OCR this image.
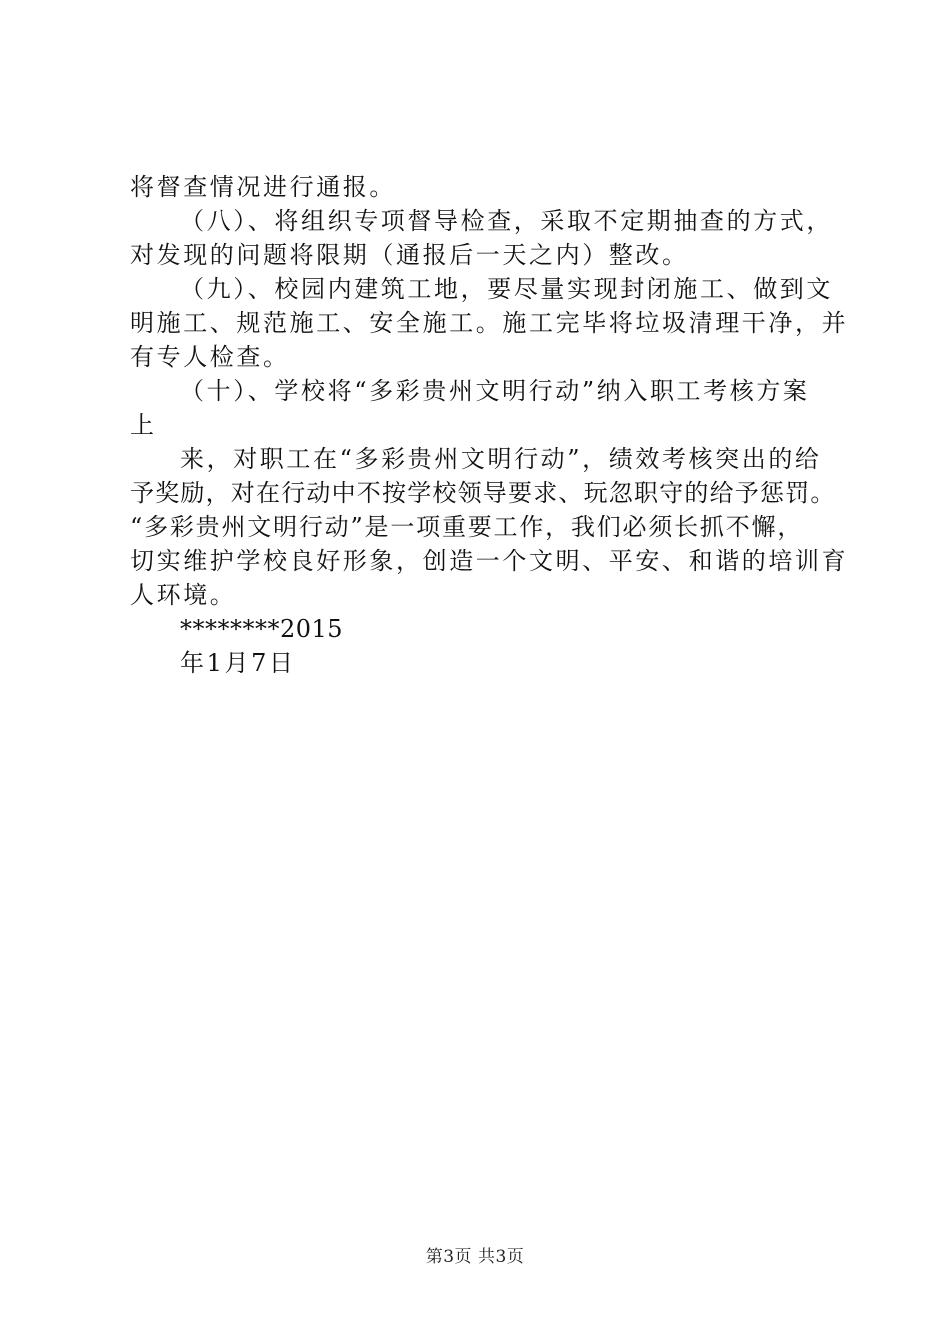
将督查情况进行通报。
（八）、将组织专项督导检查，采取不定期抽查的方式，
对发现的问题将限期（通报后一天之内）整改。
（九）、校园内建筑工地，要尽量实现封闭施工、做到文
明施工、规范施工、安全施工。施工完毕将垃圾清理干净，并
有专人检查。
（十）、学校将“多彩贵州文明行动”纳入职工考核方案
上
来，对职工在“多彩贵州文明行动”，绩效考核突出的给
予奖励，对在行动中不按学校领导要求、玩忽职守的给予惩罚。
“多彩贵州文明行动”是一项重要工作，我们必须长抓不懈，
切实维护学校良好形象，创造一个文明、平安、和谐的培训育
人环境。
********2015
年1月7日
第3页 共3页
